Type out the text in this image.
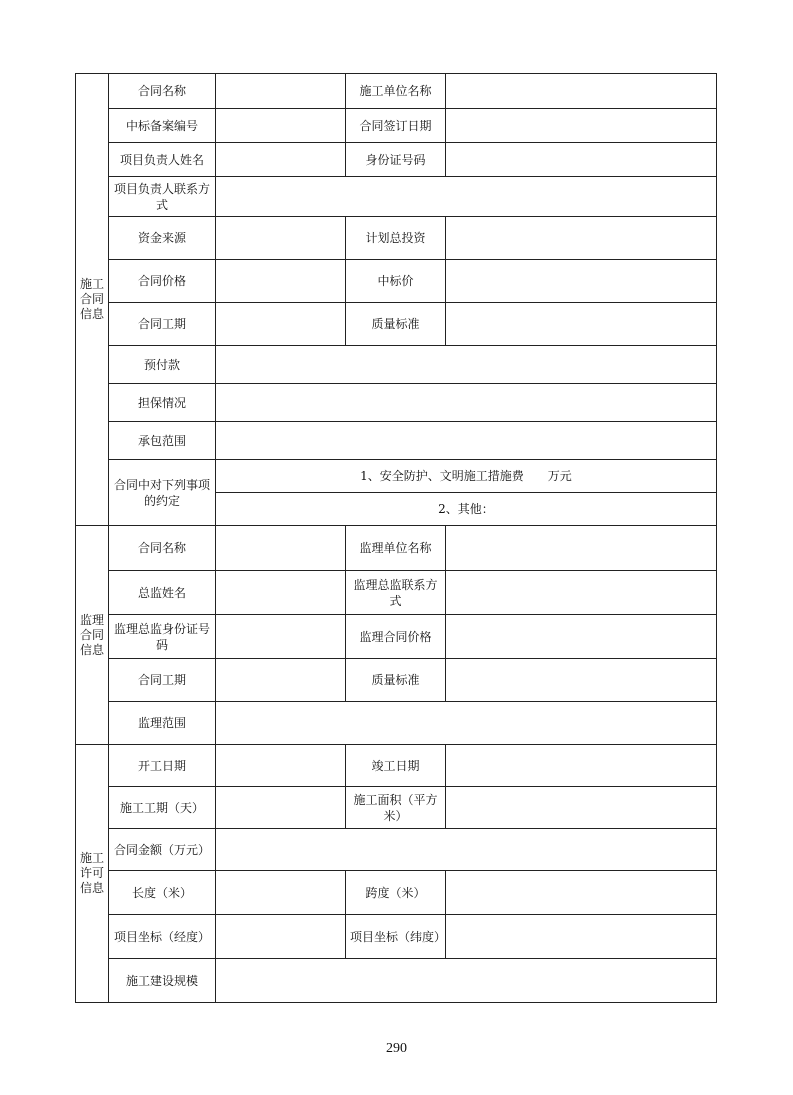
施工合同信息	合同名称		施工单位名称	
	中标备案编号		合同签订日期	
	项目负责人姓名		身份证号码	
	项目负责人联系方式			
	资金来源		计划总投资	
	合同价格		中标价	
	合同工期		质量标准	
	预付款			
	担保情况			
	承包范围			
	合同中对下列事项的约定	1、安全防护、文明施工措施费　　万元		
		2、其他：		

监理合同信息	合同名称		监理单位名称	
	总监姓名		监理总监联系方式	
	监理总监身份证号码		监理合同价格	
	合同工期		质量标准	
	监理范围			

施工许可信息	开工日期		竣工日期	
	施工工期（天）		施工面积（平方米）	
	合同金额（万元）			
	长度（米）		跨度（米）	
	项目坐标（经度）		项目坐标（纬度）	
	施工建设规模			
290
